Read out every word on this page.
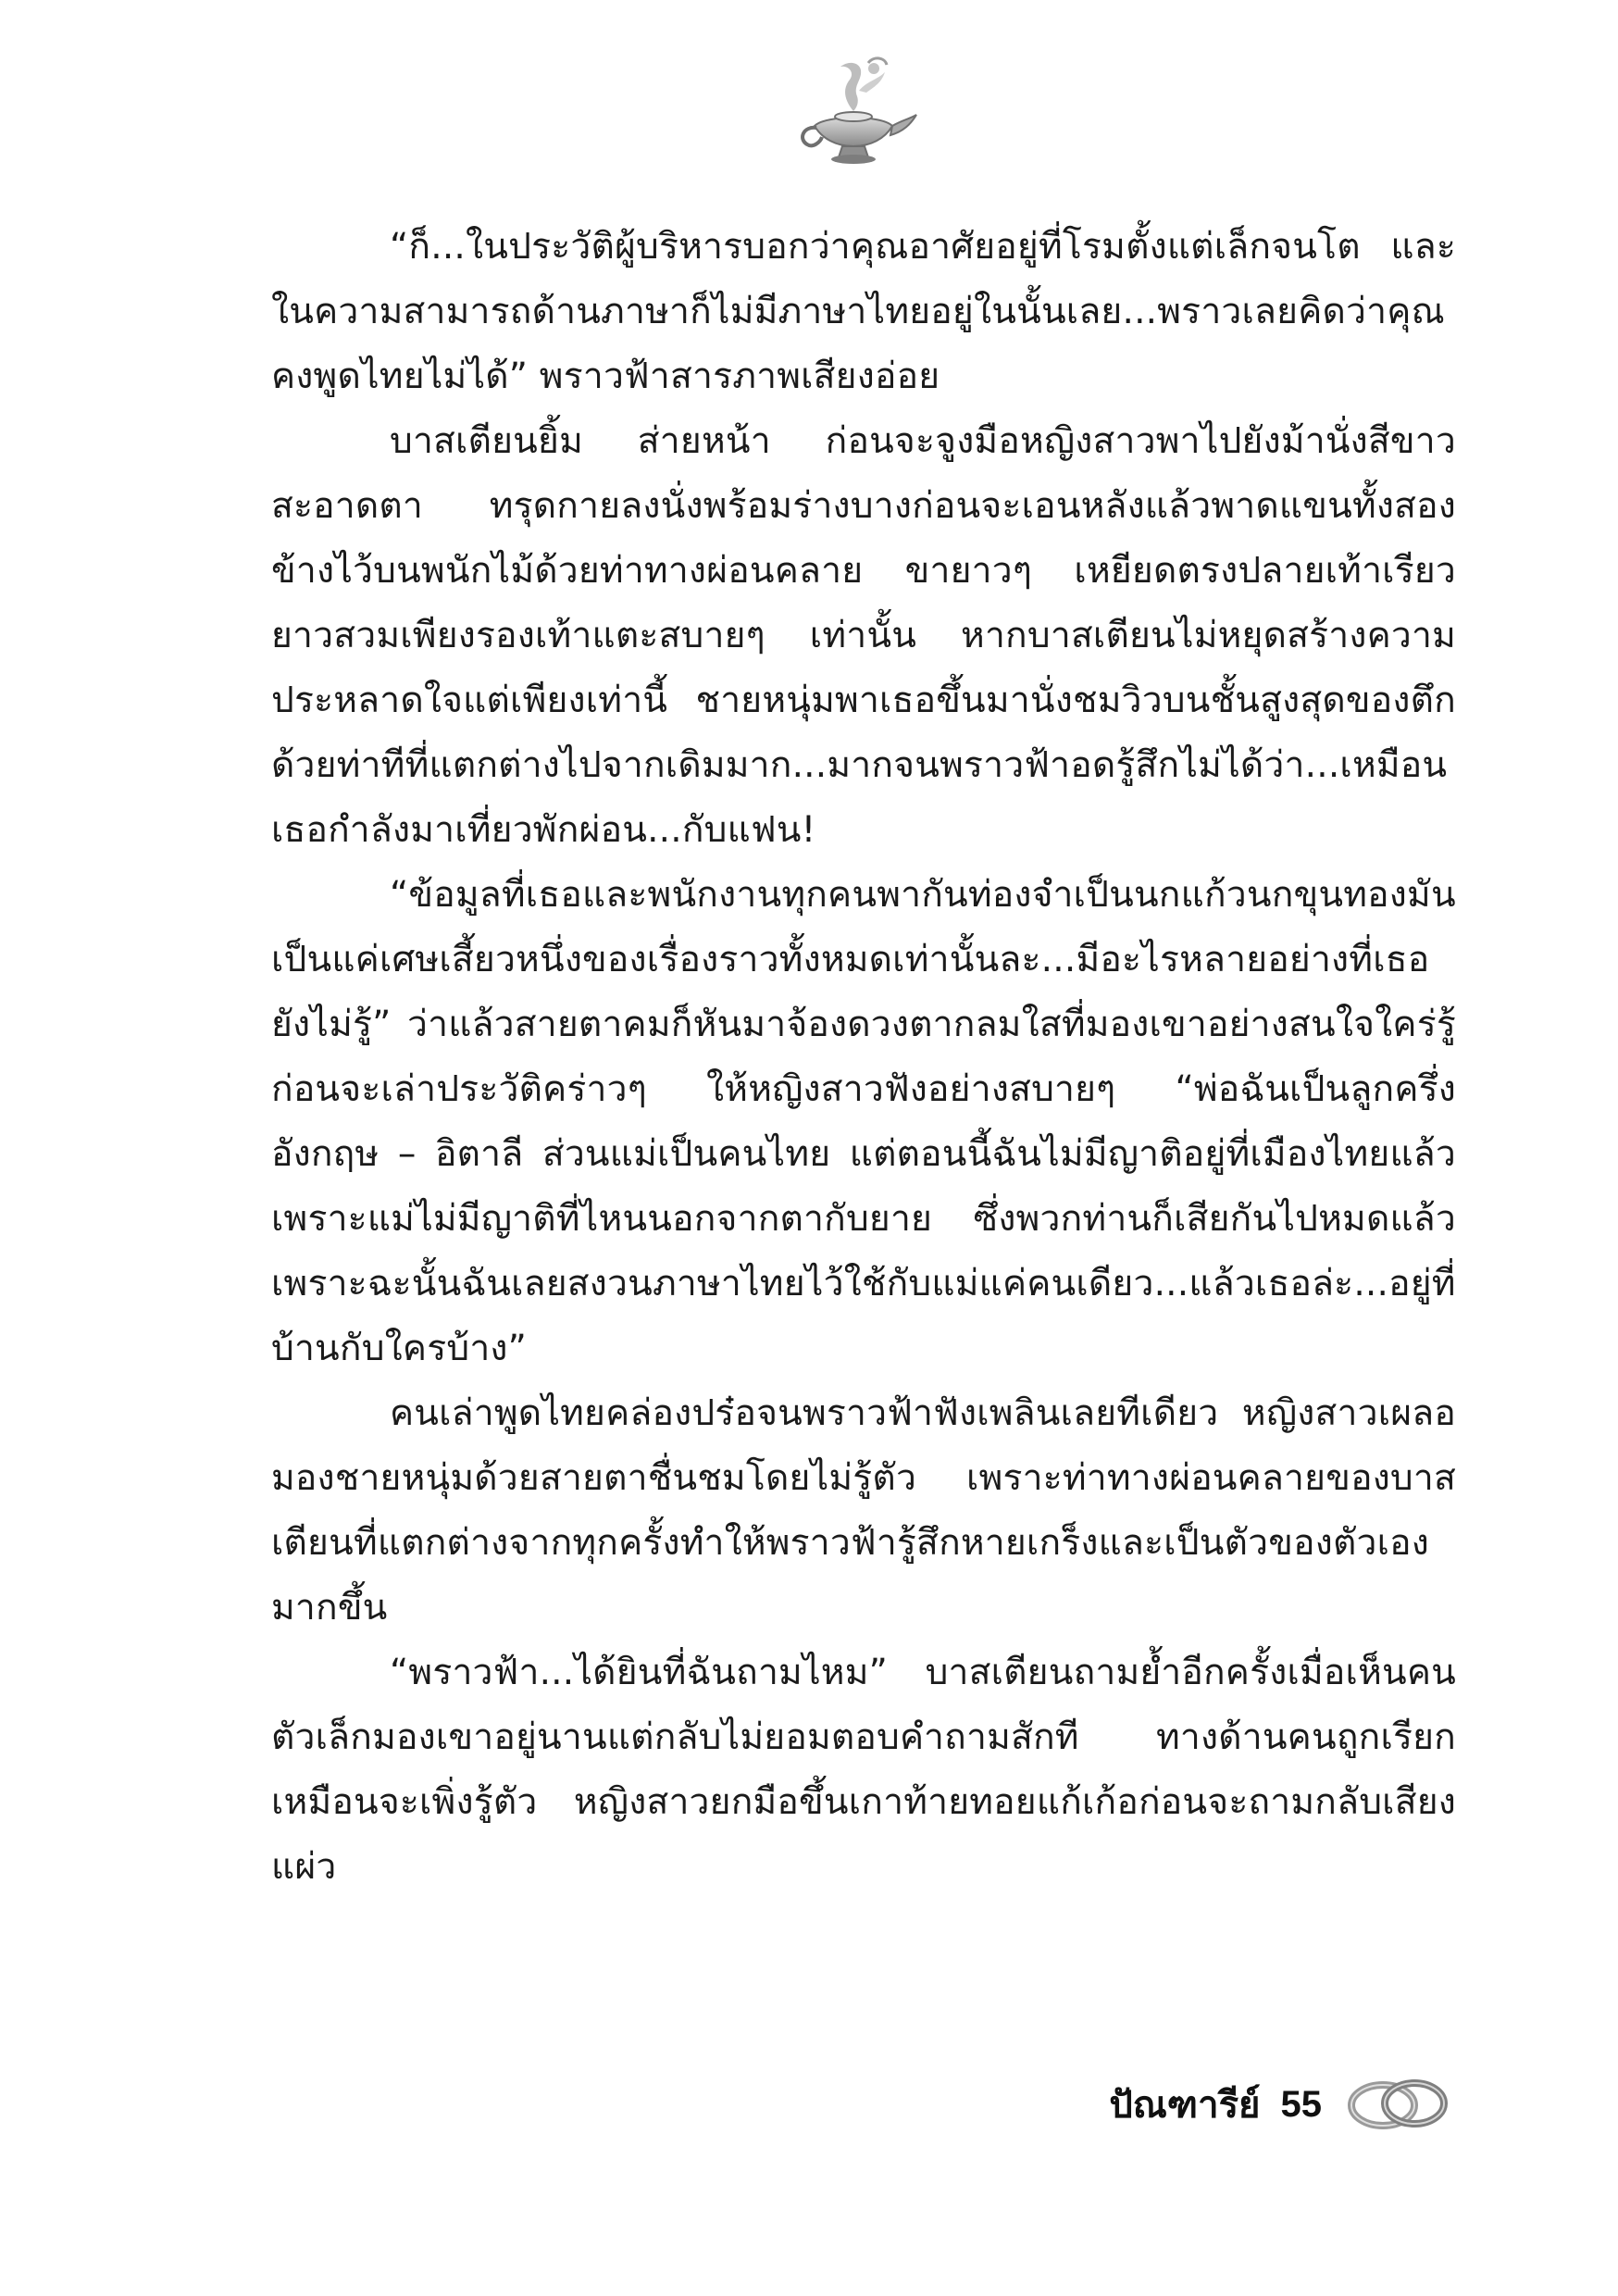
“ก็...ในประวัติผู้บริหารบอกว่าคุณอาศัยอยู่ที่โรมตั้งแต่เล็กจนโต และในความสามารถด้านภาษาก็ไม่มีภาษาไทยอยู่ในนั้นเลย...พราวเลยคิดว่าคุณคงพูดไทยไม่ได้” พราวฟ้าสารภาพเสียงอ่อย

บาสเตียนยิ้ม ส่ายหน้า ก่อนจะจูงมือหญิงสาวพาไปยังม้านั่งสีขาวสะอาดตา ทรุดกายลงนั่งพร้อมร่างบางก่อนจะเอนหลังแล้วพาดแขนทั้งสองข้างไว้บนพนักไม้ด้วยท่าทางผ่อนคลาย ขายาวๆ เหยียดตรงปลายเท้าเรียวยาวสวมเพียงรองเท้าแตะสบายๆ เท่านั้น หากบาสเตียนไม่หยุดสร้างความประหลาดใจแต่เพียงเท่านี้ ชายหนุ่มพาเธอขึ้นมานั่งชมวิวบนชั้นสูงสุดของตึกด้วยท่าทีที่แตกต่างไปจากเดิมมาก...มากจนพราวฟ้าอดรู้สึกไม่ได้ว่า...เหมือนเธอกำลังมาเที่ยวพักผ่อน...กับแฟน!

“ข้อมูลที่เธอและพนักงานทุกคนพากันท่องจำเป็นนกแก้วนกขุนทองมันเป็นแค่เศษเสี้ยวหนึ่งของเรื่องราวทั้งหมดเท่านั้นละ...มีอะไรหลายอย่างที่เธอยังไม่รู้” ว่าแล้วสายตาคมก็หันมาจ้องดวงตากลมใสที่มองเขาอย่างสนใจใคร่รู้ก่อนจะเล่าประวัติคร่าวๆ ให้หญิงสาวฟังอย่างสบายๆ “พ่อฉันเป็นลูกครึ่งอังกฤษ – อิตาลี ส่วนแม่เป็นคนไทย แต่ตอนนี้ฉันไม่มีญาติอยู่ที่เมืองไทยแล้ว เพราะแม่ไม่มีญาติที่ไหนนอกจากตากับยาย ซึ่งพวกท่านก็เสียกันไปหมดแล้ว เพราะฉะนั้นฉันเลยสงวนภาษาไทยไว้ใช้กับแม่แค่คนเดียว...แล้วเธอล่ะ...อยู่ที่บ้านกับใครบ้าง”

คนเล่าพูดไทยคล่องปร๋อจนพราวฟ้าฟังเพลินเลยทีเดียว หญิงสาวเผลอมองชายหนุ่มด้วยสายตาชื่นชมโดยไม่รู้ตัว เพราะท่าทางผ่อนคลายของบาสเตียนที่แตกต่างจากทุกครั้งทำให้พราวฟ้ารู้สึกหายเกร็งและเป็นตัวของตัวเองมากขึ้น

“พราวฟ้า...ได้ยินที่ฉันถามไหม” บาสเตียนถามย้ำอีกครั้งเมื่อเห็นคนตัวเล็กมองเขาอยู่นานแต่กลับไม่ยอมตอบคำถามสักที ทางด้านคนถูกเรียกเหมือนจะเพิ่งรู้ตัว หญิงสาวยกมือขึ้นเกาท้ายทอยแก้เก้อก่อนจะถามกลับเสียงแผ่ว

ปัณฑารีย์ 55
